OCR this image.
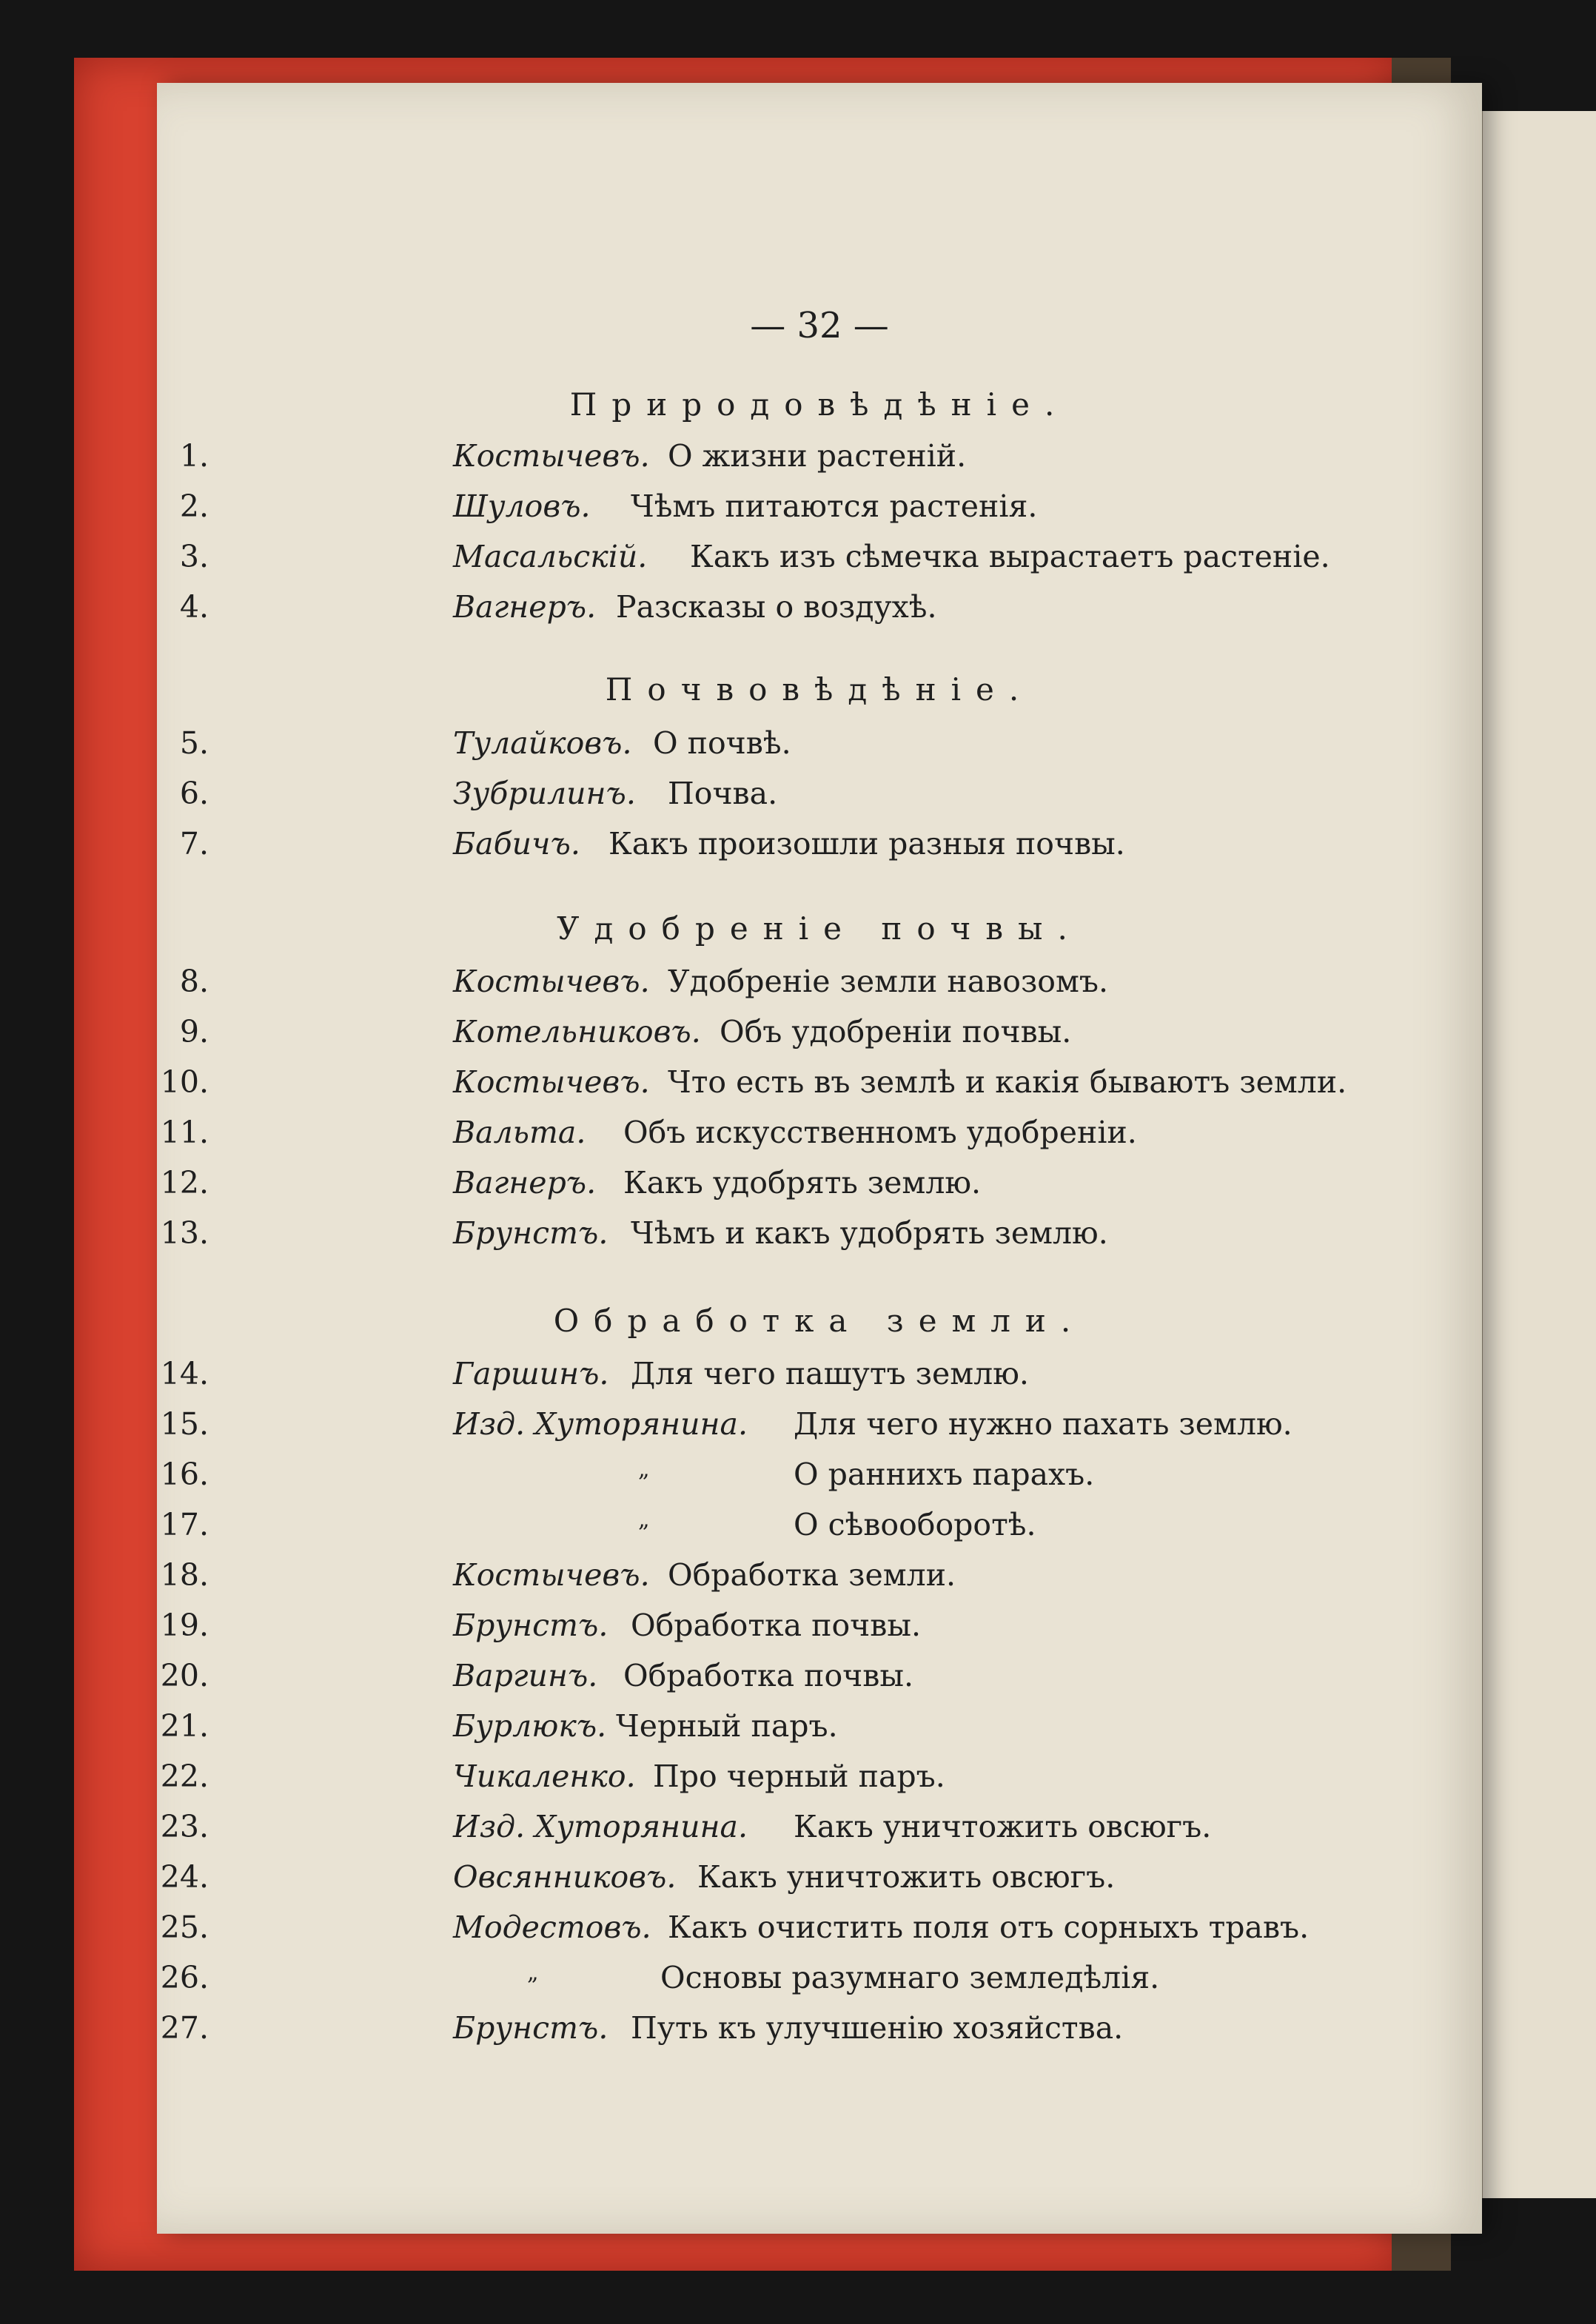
— 32 —
Природовѣдѣніе.
1.	Костычевъ. О жизни растеній.
2.	Шуловъ. Чѣмъ питаются растенія.
3.	Масальскій. Какъ изъ сѣмечка вырастаетъ растеніе.
4.	Вагнеръ. Разсказы о воздухѣ.
Почвовѣдѣніе.
5.	Тулайковъ. О почвѣ.
6.	Зубрилинъ. Почва.
7.	Бабичъ. Какъ произошли разныя почвы.
Удобреніе почвы.
8.	Костычевъ. Удобреніе земли навозомъ.
9.	Котельниковъ. Объ удобреніи почвы.
10.	Костычевъ. Что есть въ землѣ и какія бываютъ земли.
11.	Вальта. Объ искусственномъ удобреніи.
12.	Вагнеръ. Какъ удобрять землю.
13.	Брунстъ. Чѣмъ и какъ удобрять землю.
Обработка земли.
14.	Гаршинъ. Для чего пашутъ землю.
15.	Изд. Хуторянина. Для чего нужно пахать землю.
16.	„	О раннихъ парахъ.
17.	„	О сѣвооборотѣ.
18.	Костычевъ. Обработка земли.
19.	Брунстъ. Обработка почвы.
20.	Варгинъ. Обработка почвы.
21.	Бурлюкъ. Черный паръ.
22.	Чикаленко. Про черный паръ.
23.	Изд. Хуторянина. Какъ уничтожить овсюгъ.
24.	Овсянниковъ. Какъ уничтожить овсюгъ.
25.	Модестовъ. Какъ очистить поля отъ сорныхъ травъ.
26.	„	Основы разумнаго земледѣлія.
27.	Брунстъ. Путь къ улучшенію хозяйства.
